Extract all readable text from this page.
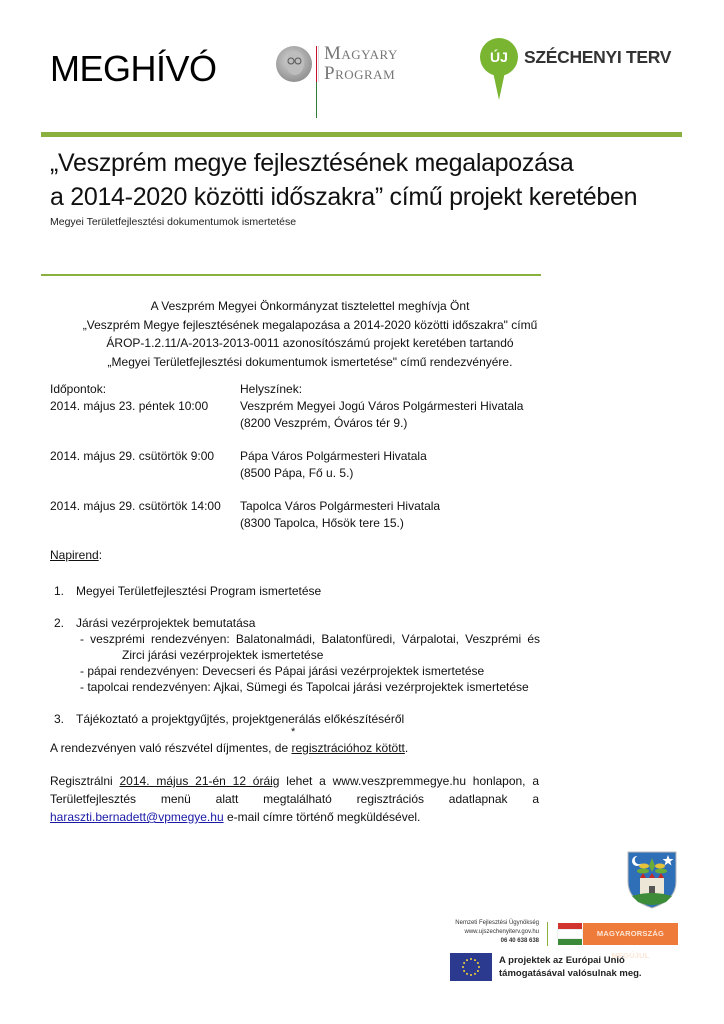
MEGHÍVÓ	Magyary
Program
ÚJ SZÉCHENYI TERV
„Veszprém megye fejlesztésének megalapozása
a 2014-2020 közötti időszakra” című projekt keretében
Megyei Területfejlesztési dokumentumok ismertetése
A Veszprém Megyei Önkormányzat tisztelettel meghívja Önt
„Veszprém Megye fejlesztésének megalapozása a 2014-2020 közötti időszakra" című
ÁROP-1.2.11/A-2013-2013-0011 azonosítószámú projekt keretében tartandó
„Megyei Területfejlesztési dokumentumok ismertetése" című rendezvényére.
Időpontok:	Helyszínek:
2014. május 23. péntek 10:00	Veszprém Megyei Jogú Város Polgármesteri Hivatala
(8200 Veszprém, Óváros tér 9.)
2014. május 29. csütörtök 9:00 Pápa Város Polgármesteri Hivatala
(8500 Pápa, Fő u. 5.)
2014. május 29. csütörtök 14:00 Tapolca Város Polgármesteri Hivatala
(8300 Tapolca, Hősök tere 15.)
Napirend:
1. Megyei Területfejlesztési Program ismertetése
2. Járási vezérprojektek bemutatása
- veszprémi rendezvényen: Balatonalmádi, Balatonfüredi, Várpalotai, Veszprémi és
Zirci járási vezérprojektek ismertetése
- pápai rendezvényen: Devecseri és Pápai járási vezérprojektek ismertetése
- tapolcai rendezvényen: Ajkai, Sümegi és Tapolcai járási vezérprojektek ismertetése
3. Tájékoztató a projektgyűjtés, projektgenerálás előkészítéséről
*
A rendezvényen való részvétel díjmentes, de regisztrációhoz kötött.
Regisztrálni 2014. május 21-én 12 óráig lehet a www.veszpremmegye.hu honlapon, a Területfejlesztés menü alatt megtalálható regisztrációs adatlapnak a haraszti.bernadett@vpmegye.hu e-mail címre történő megküldésével.
Nemzeti Fejlesztési Ügynökség
www.ujszechenyiterv.gov.hu
06 40 638 638
MAGYARORSZÁG MEGÚJUL
A projektek az Európai Unió
támogatásával valósulnak meg.
